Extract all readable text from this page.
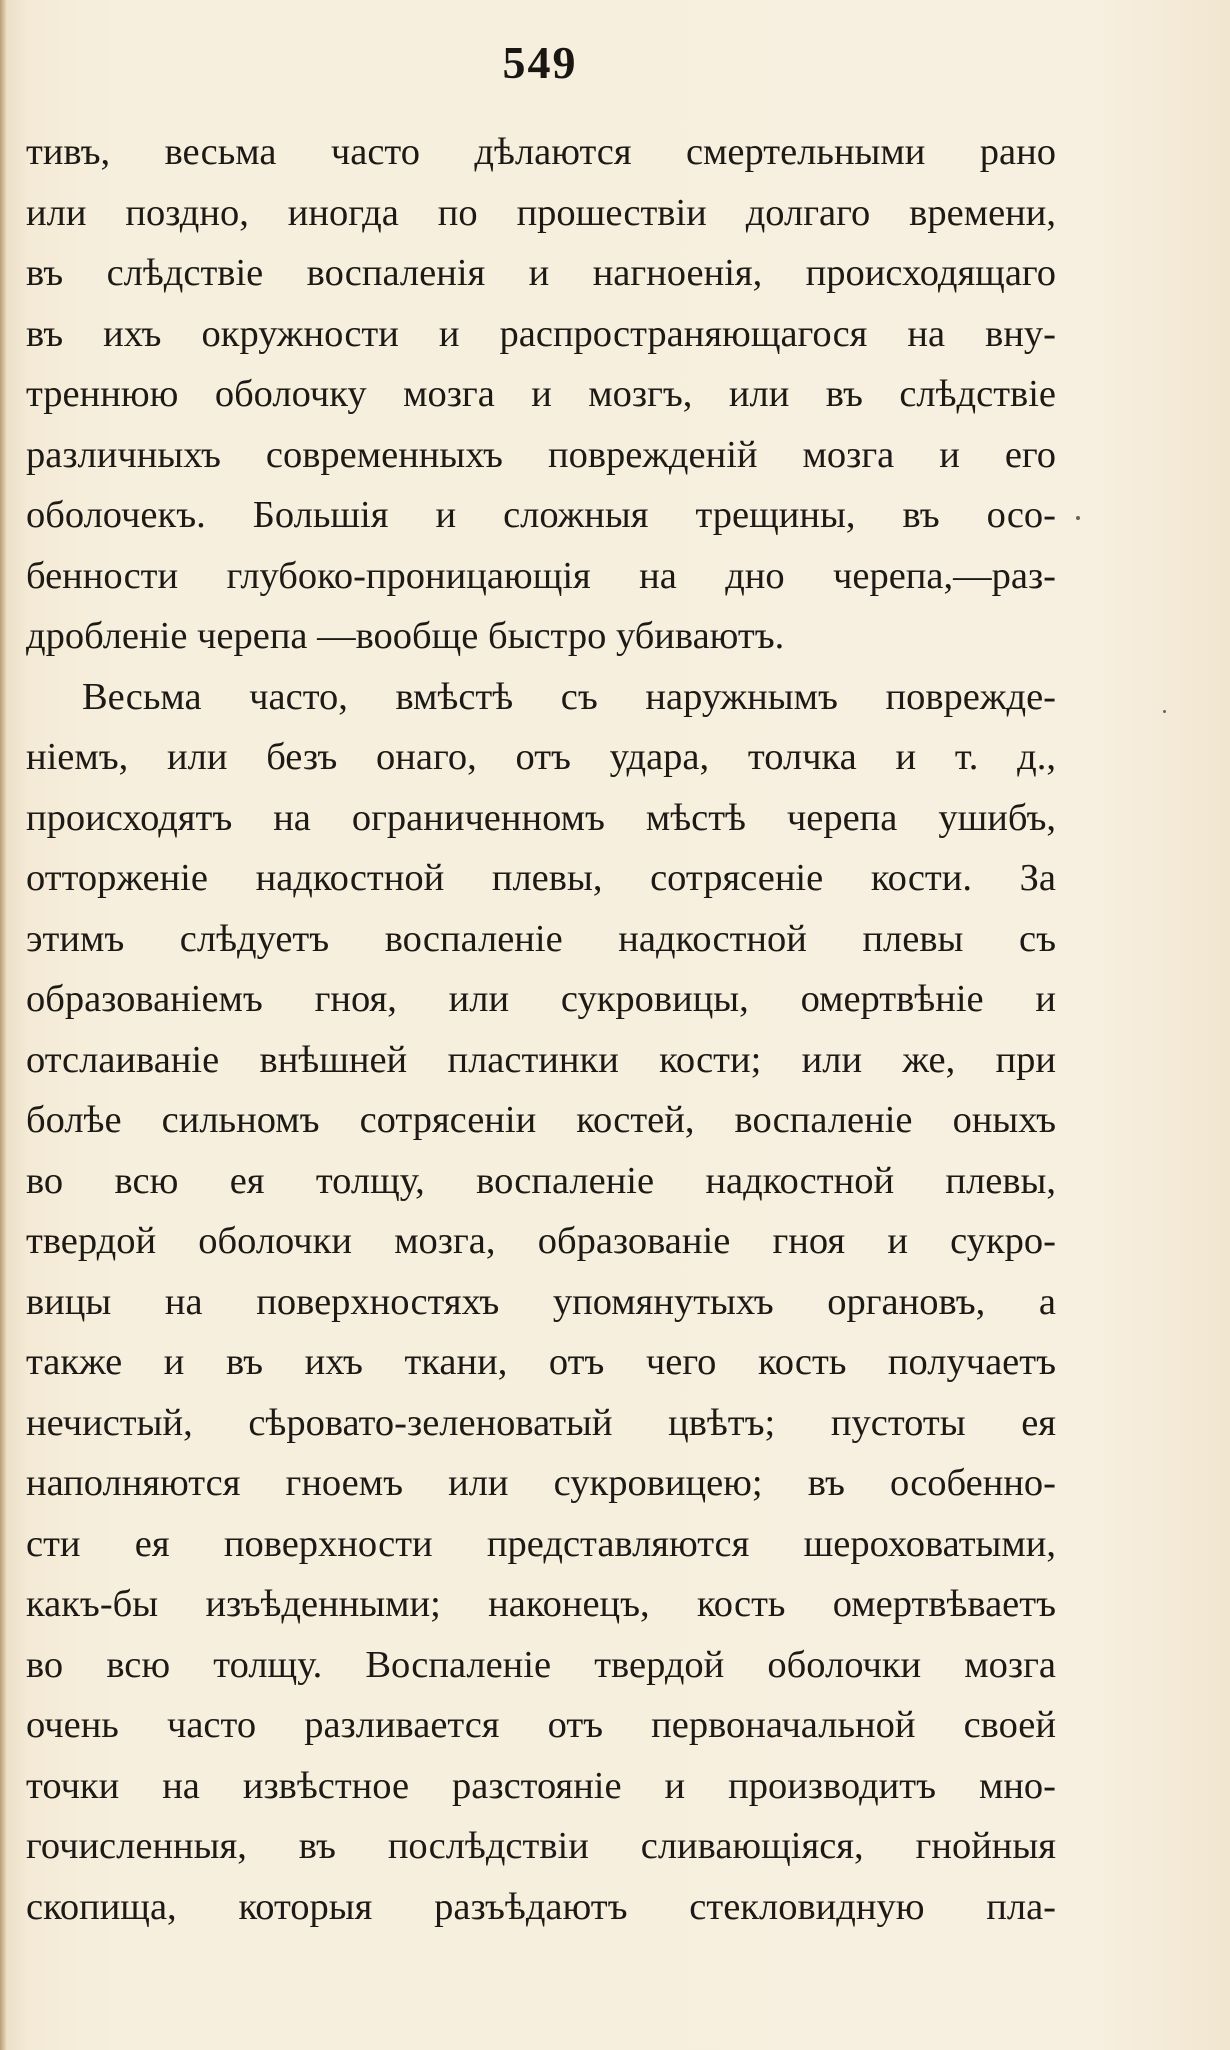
549
тивъ, весьма часто дѣлаются смертельными рано
или поздно, иногда по прошествіи долгаго времени,
въ слѣдствіе воспаленія и нагноенія, происходящаго
въ ихъ окружности и распространяющагося на вну-
треннюю оболочку мозга и мозгъ, или въ слѣдствіе
различныхъ современныхъ поврежденій мозга и его
оболочекъ. Большія и сложныя трещины, въ осо-
бенности глубоко-проницающія на дно черепа,—раз-
дробленіе черепа —вообще быстро убиваютъ.
Весьма часто, вмѣстѣ съ наружнымъ поврежде-
ніемъ, или безъ онаго, отъ удара, толчка и т. д.,
происходятъ на ограниченномъ мѣстѣ черепа ушибъ,
отторженіе надкостной плевы, сотрясеніе кости. За
этимъ слѣдуетъ воспаленіе надкостной плевы съ
образованіемъ гноя, или сукровицы, омертвѣніе и
отслаиваніе внѣшней пластинки кости; или же, при
болѣе сильномъ сотрясеніи костей, воспаленіе оныхъ
во всю ея толщу, воспаленіе надкостной плевы,
твердой оболочки мозга, образованіе гноя и сукро-
вицы на поверхностяхъ упомянутыхъ органовъ, а
также и въ ихъ ткани, отъ чего кость получаетъ
нечистый, сѣровато-зеленоватый цвѣтъ; пустоты ея
наполняются гноемъ или сукровицею; въ особенно-
сти ея поверхности представляются шероховатыми,
какъ-бы изъѣденными; наконецъ, кость омертвѣваетъ
во всю толщу. Воспаленіе твердой оболочки мозга
очень часто разливается отъ первоначальной своей
точки на извѣстное разстояніе и производитъ мно-
гочисленныя, въ послѣдствіи сливающіяся, гнойныя
скопища, которыя разъѣдаютъ стекловидную пла-
